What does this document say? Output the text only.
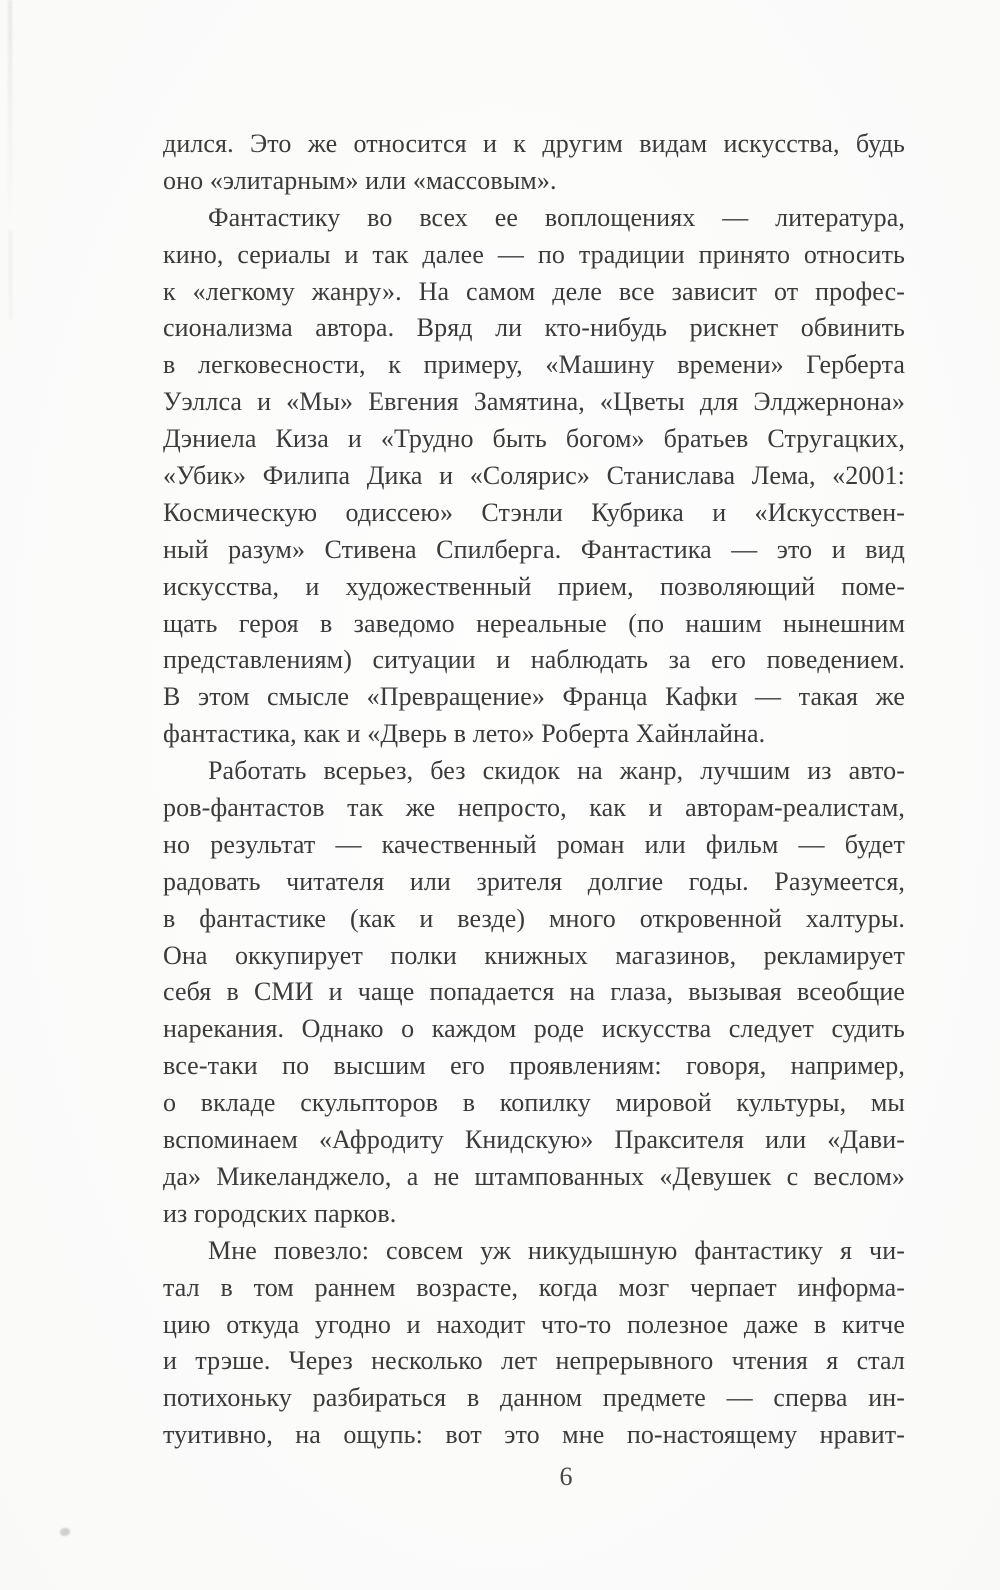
дился. Это же относится и к другим видам искусства, будь
оно «элитарным» или «массовым».
Фантастику во всех ее воплощениях — литература,
кино, сериалы и так далее — по традиции принято относить
к «легкому жанру». На самом деле все зависит от профес-
сионализма автора. Вряд ли кто-нибудь рискнет обвинить
в легковесности, к примеру, «Машину времени» Герберта
Уэллса и «Мы» Евгения Замятина, «Цветы для Элджернона»
Дэниела Киза и «Трудно быть богом» братьев Стругацких,
«Убик» Филипа Дика и «Солярис» Станислава Лема, «2001:
Космическую одиссею» Стэнли Кубрика и «Искусствен-
ный разум» Стивена Спилберга. Фантастика — это и вид
искусства, и художественный прием, позволяющий поме-
щать героя в заведомо нереальные (по нашим нынешним
представлениям) ситуации и наблюдать за его поведением.
В этом смысле «Превращение» Франца Кафки — такая же
фантастика, как и «Дверь в лето» Роберта Хайнлайна.
Работать всерьез, без скидок на жанр, лучшим из авто-
ров-фантастов так же непросто, как и авторам-реалистам,
но результат — качественный роман или фильм — будет
радовать читателя или зрителя долгие годы. Разумеется,
в фантастике (как и везде) много откровенной халтуры.
Она оккупирует полки книжных магазинов, рекламирует
себя в СМИ и чаще попадается на глаза, вызывая всеобщие
нарекания. Однако о каждом роде искусства следует судить
все-таки по высшим его проявлениям: говоря, например,
о вкладе скульпторов в копилку мировой культуры, мы
вспоминаем «Афродиту Книдскую» Праксителя или «Дави-
да» Микеланджело, а не штампованных «Девушек с веслом»
из городских парков.
Мне повезло: совсем уж никудышную фантастику я чи-
тал в том раннем возрасте, когда мозг черпает информа-
цию откуда угодно и находит что-то полезное даже в китче
и трэше. Через несколько лет непрерывного чтения я стал
потихоньку разбираться в данном предмете — сперва ин-
туитивно, на ощупь: вот это мне по-настоящему нравит-
6
